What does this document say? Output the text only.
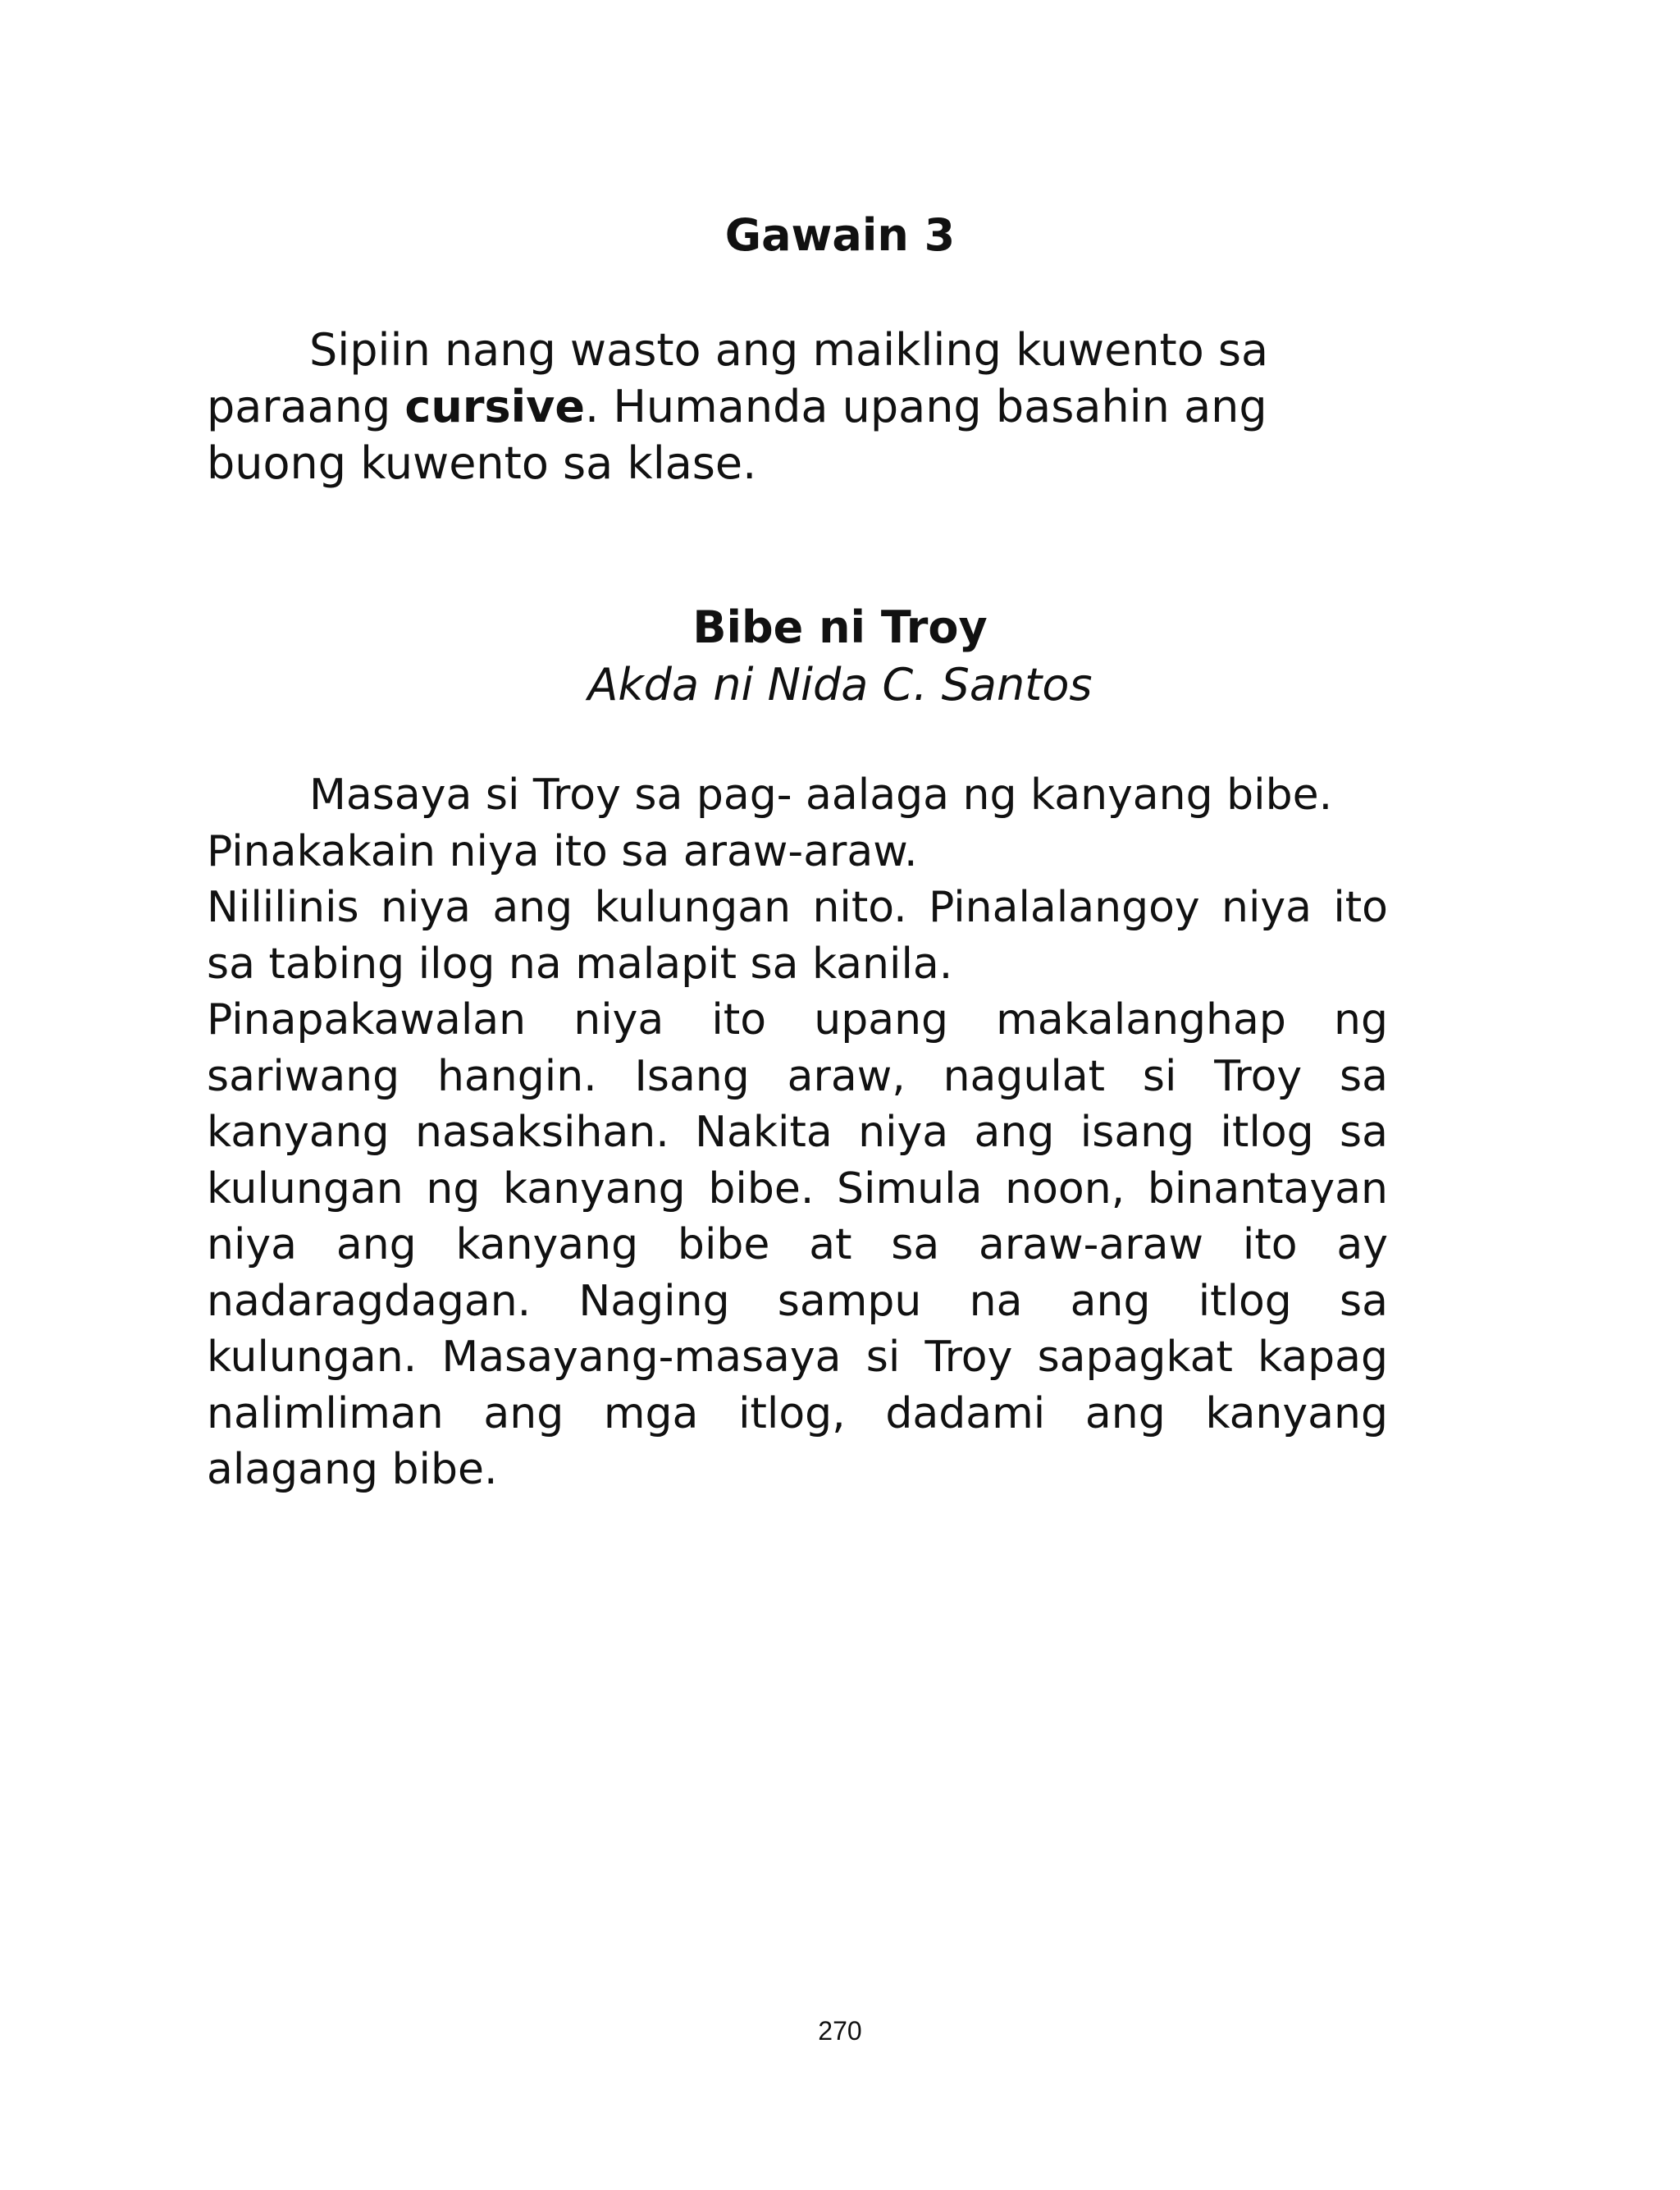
Gawain 3

Sipiin nang wasto ang maikling kuwento sa paraang cursive. Humanda upang basahin ang buong kuwento sa klase.

Bibe ni Troy

Akda ni Nida C. Santos

Masaya si Troy sa pag- aalaga ng kanyang bibe. Pinakakain niya ito sa araw-araw.

Nililinis niya ang kulungan nito. Pinalalangoy niya ito sa tabing ilog na malapit sa kanila.

Pinapakawalan niya ito upang makalanghap ng sariwang hangin. Isang araw, nagulat si Troy sa kanyang nasaksihan. Nakita niya ang isang itlog sa kulungan ng kanyang bibe. Simula noon, binantayan niya ang kanyang bibe at sa araw-araw ito ay nadaragdagan. Naging sampu na ang itlog sa kulungan. Masayang-masaya si Troy sapagkat kapag nalimliman ang mga itlog, dadami ang kanyang alagang bibe.

270
